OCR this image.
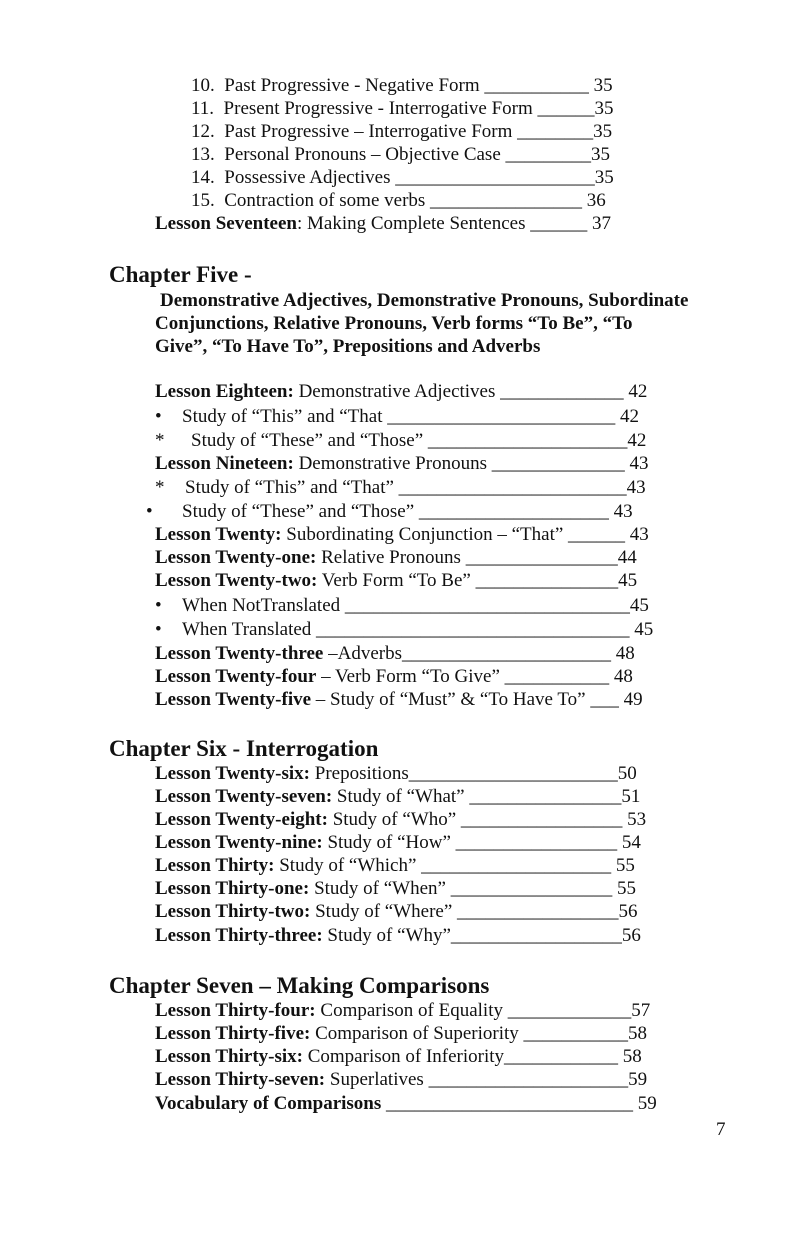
10. Past Progressive - Negative Form ___________ 35
11. Present Progressive - Interrogative Form ______35
12. Past Progressive – Interrogative Form ________35
13. Personal Pronouns – Objective Case _________35
14. Possessive Adjectives _____________________35
15. Contraction of some verbs ________________ 36
Lesson Seventeen: Making Complete Sentences ______ 37
Chapter Five -
Demonstrative Adjectives, Demonstrative Pronouns, Subordinate
Conjunctions, Relative Pronouns, Verb forms “To Be”, “To
Give”, “To Have To”, Prepositions and Adverbs
Lesson Eighteen: Demonstrative Adjectives _____________ 42
• Study of “This” and “That ________________________ 42
* Study of “These” and “Those” _____________________42
Lesson Nineteen: Demonstrative Pronouns ______________ 43
* Study of “This” and “That” ________________________43
• Study of “These” and “Those” ____________________ 43
Lesson Twenty: Subordinating Conjunction – “That” ______ 43
Lesson Twenty-one: Relative Pronouns ________________44
Lesson Twenty-two: Verb Form “To Be” _______________45
• When NotTranslated ______________________________45
• When Translated _________________________________ 45
Lesson Twenty-three –Adverbs______________________ 48
Lesson Twenty-four – Verb Form “To Give” ___________ 48
Lesson Twenty-five – Study of “Must” & “To Have To” ___ 49
Chapter Six - Interrogation
Lesson Twenty-six: Prepositions______________________50
Lesson Twenty-seven: Study of “What” ________________51
Lesson Twenty-eight: Study of “Who” _________________ 53
Lesson Twenty-nine: Study of “How” _________________ 54
Lesson Thirty: Study of “Which” ____________________ 55
Lesson Thirty-one: Study of “When” _________________ 55
Lesson Thirty-two: Study of “Where” _________________56
Lesson Thirty-three: Study of “Why”__________________56
Chapter Seven – Making Comparisons
Lesson Thirty-four: Comparison of Equality _____________57
Lesson Thirty-five: Comparison of Superiority ___________58
Lesson Thirty-six: Comparison of Inferiority____________ 58
Lesson Thirty-seven: Superlatives _____________________59
Vocabulary of Comparisons __________________________ 59
7
